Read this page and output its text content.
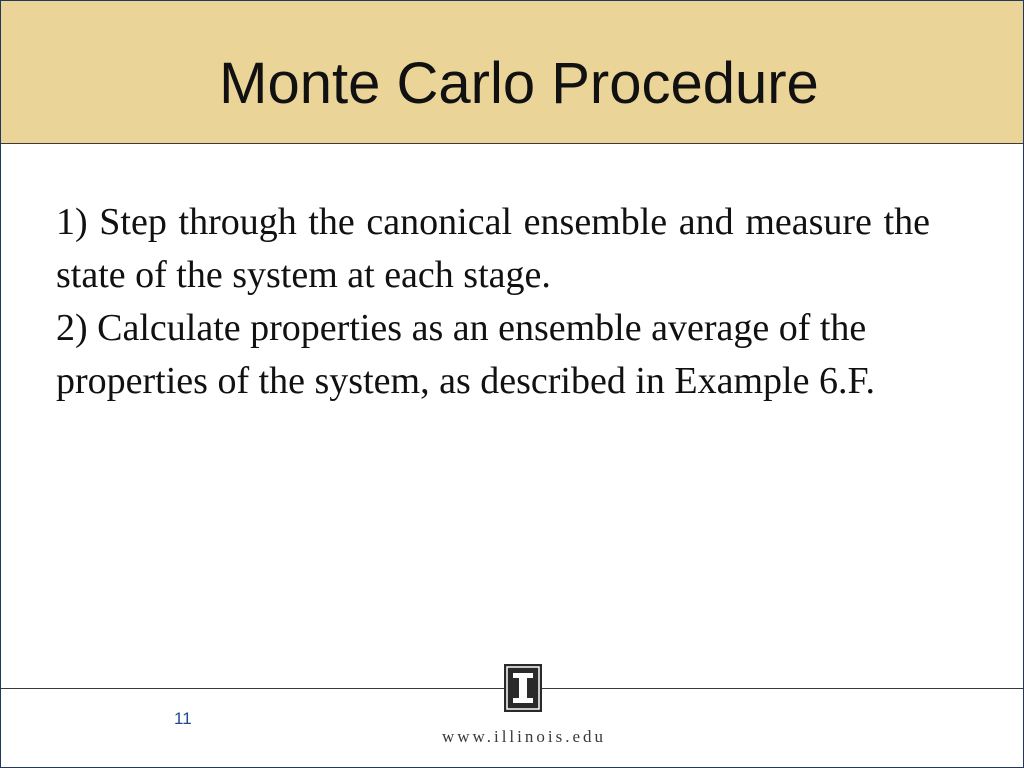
Monte Carlo Procedure

1) Step through the canonical ensemble and measure the state of the system at each stage.

2) Calculate properties as an ensemble average of the properties of the system, as described in Example 6.F.

11
www.illinois.edu
